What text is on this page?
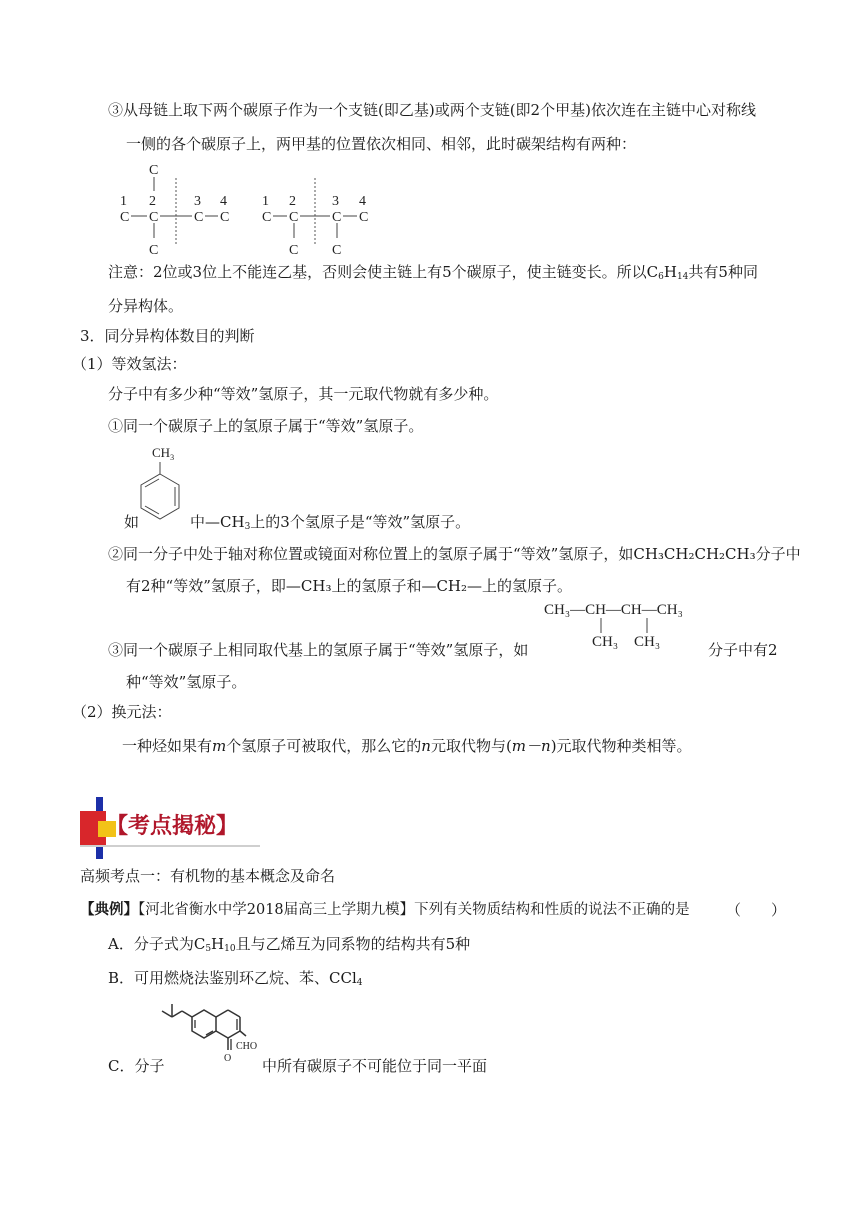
③从母链上取下两个碳原子作为一个支链(即乙基)或两个支链(即2个甲基)依次连在主链中心对称线
一侧的各个碳原子上，两甲基的位置依次相同、相邻，此时碳架结构有两种：
C
1 2	3 4
C C	C C
C
1 2	3 4
C C C C
C C
注意：2位或3位上不能连乙基，否则会使主链上有5个碳原子，使主链变长。所以$C_6H_{14}$共有5种同
分异构体。
3．同分异构体数目的判断
（1）等效氢法：
分子中有多少种“等效”氢原子，其一元取代物就有多少种。
①同一个碳原子上的氢原子属于“等效”氢原子。
$CH_3$
如	中$—CH_3$上的3个氢原子是“等效”氢原子。
②同一分子中处于轴对称位置或镜面对称位置上的氢原子属于“等效”氢原子，如CH₃CH₂CH₂CH₃分子中
有2种“等效”氢原子，即—CH₃上的氢原子和—CH₂—上的氢原子。
CH₃—CH—CH—CH₃
CH₃ CH₃
③同一个碳原子上相同取代基上的氢原子属于“等效”氢原子，如	分子中有2
种“等效”氢原子。
（2）换元法：
一种烃如果有m个氢原子可被取代，那么它的n元取代物与(m－n)元取代物种类相等。
【考点揭秘】
高频考点一：有机物的基本概念及命名
【典例】【河北省衡水中学2018届高三上学期九模】下列有关物质结构和性质的说法不正确的是 （　　）
A．分子式为$C_5H_{10}$且与乙烯互为同系物的结构共有5种
B．可用燃烧法鉴别环乙烷、苯、CCl$_4$
C．分子	O
CHO
中所有碳原子不可能位于同一平面
